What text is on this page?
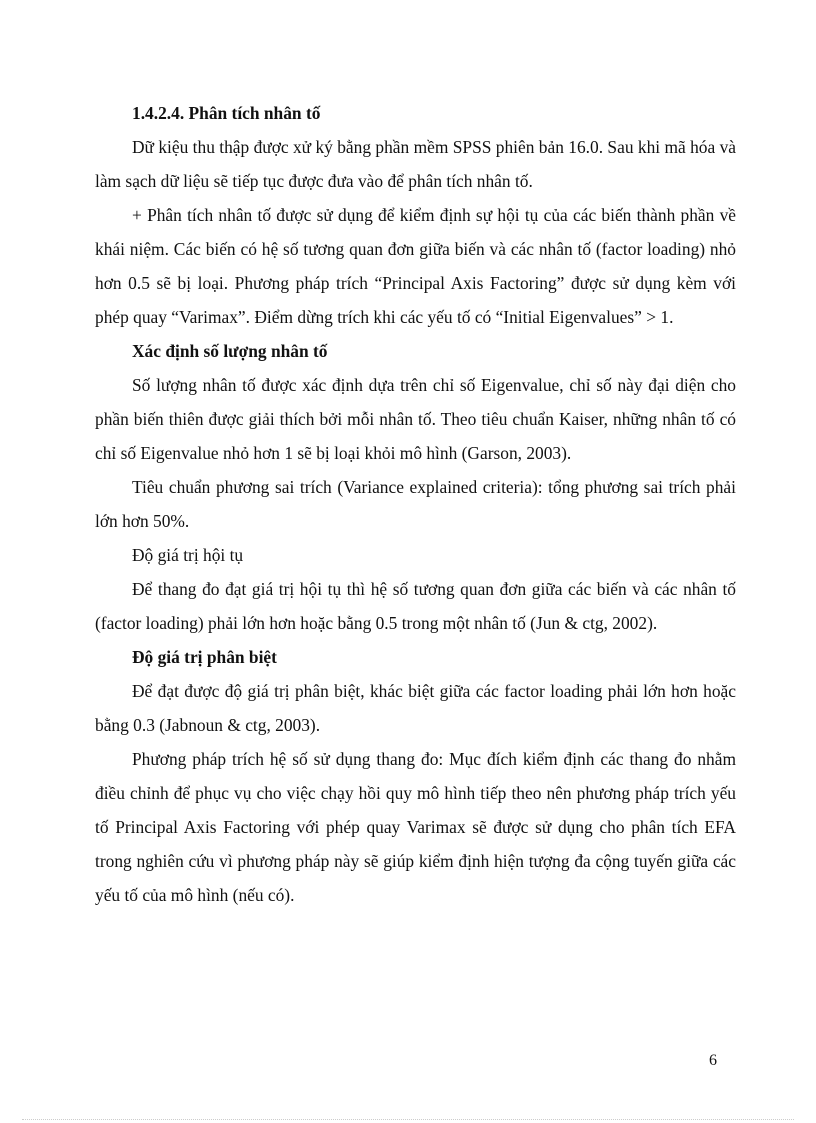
1.4.2.4. Phân tích nhân tố

Dữ kiệu thu thập được xử ký bằng phần mềm SPSS phiên bản 16.0. Sau khi mã hóa và làm sạch dữ liệu sẽ tiếp tục được đưa vào để phân tích nhân tố.

+ Phân tích nhân tố được sử dụng để kiểm định sự hội tụ của các biến thành phần về khái niệm. Các biến có hệ số tương quan đơn giữa biến và các nhân tố (factor loading) nhỏ hơn 0.5 sẽ bị loại. Phương pháp trích “Principal Axis Factoring” được sử dụng kèm với phép quay “Varimax”. Điểm dừng trích khi các yếu tố có “Initial Eigenvalues” > 1.

Xác định số lượng nhân tố

Số lượng nhân tố được xác định dựa trên chỉ số Eigenvalue, chỉ số này đại diện cho phần biến thiên được giải thích bởi mỗi nhân tố. Theo tiêu chuẩn Kaiser, những nhân tố có chỉ số Eigenvalue nhỏ hơn 1 sẽ bị loại khỏi mô hình (Garson, 2003).

Tiêu chuẩn phương sai trích (Variance explained criteria): tổng phương sai trích phải lớn hơn 50%.

Độ giá trị hội tụ

Để thang đo đạt giá trị hội tụ thì hệ số tương quan đơn giữa các biến và các nhân tố (factor loading) phải lớn hơn hoặc bằng 0.5 trong một nhân tố (Jun & ctg, 2002).

Độ giá trị phân biệt

Để đạt được độ giá trị phân biệt, khác biệt giữa các factor loading phải lớn hơn hoặc bằng 0.3 (Jabnoun & ctg, 2003).

Phương pháp trích hệ số sử dụng thang đo: Mục đích kiểm định các thang đo nhằm điều chỉnh để phục vụ cho việc chạy hồi quy mô hình tiếp theo nên phương pháp trích yếu tố Principal Axis Factoring với phép quay Varimax sẽ được sử dụng cho phân tích EFA trong nghiên cứu vì phương pháp này sẽ giúp kiểm định hiện tượng đa cộng tuyến giữa các yếu tố của mô hình (nếu có).

6
